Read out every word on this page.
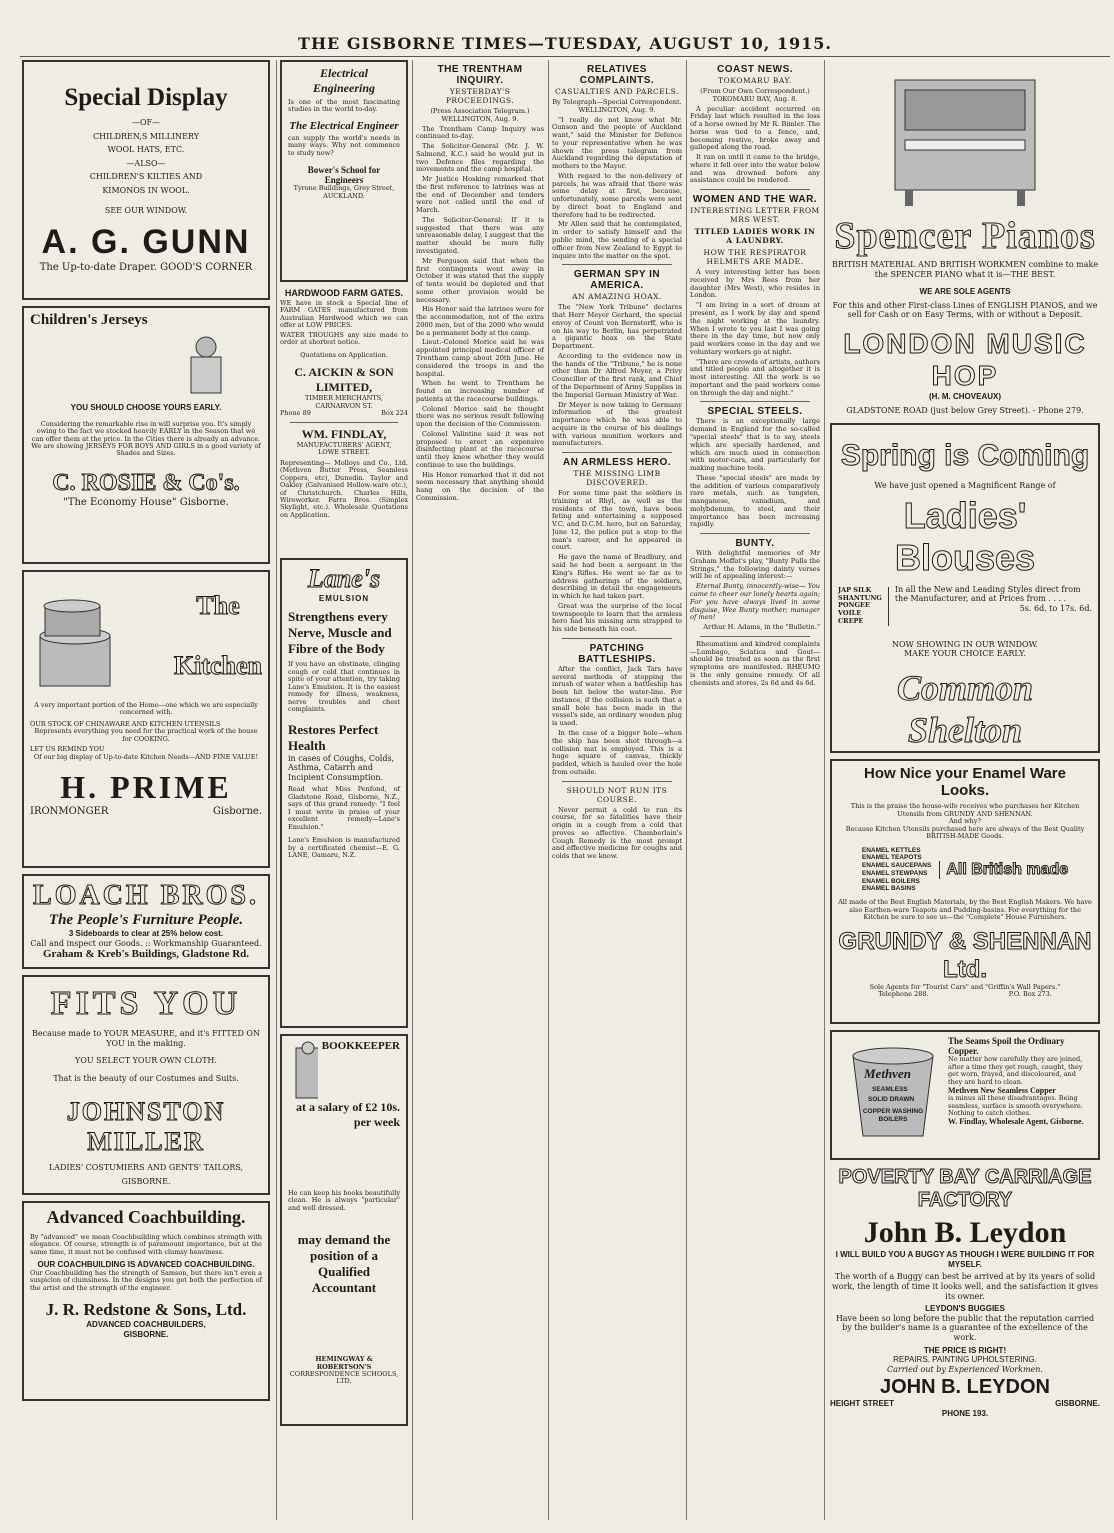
THE GISBORNE TIMES—TUESDAY, AUGUST 10, 1915.
Special Display
—OF—
CHILDREN,S MILLINERY
WOOL HATS, ETC.
—ALSO—
CHILDREN'S KILTIES AND
KIMONOS IN WOOL.
SEE OUR WINDOW.
A. G. GUNN
The Up-to-date Draper. GOOD'S CORNER
Children's Jerseys
YOU SHOULD CHOOSE YOURS EARLY.
Considering the remarkable rise in will surprise you. It's simply owing to the fact we stocked heavily EARLY in the Season that we can offer them at the price. In the Cities there is already an advance. We are showing JERSEYS FOR BOYS AND GIRLS in a good variety of Shades and Sizes.
C. ROSIE & Co's.
"The Economy House" Gisborne.
The
Kitchen
A very important portion of the Home—one which we are especially concerned with.
OUR STOCK OF CHINAWARE AND KITCHEN UTENSILS
Represents everything you need for the practical work of the house for COOKING.
LET US REMIND YOU
Of our big display of Up-to-date Kitchen Needs—AND FINE VALUE!
H. PRIME
IRONMONGER	Gisborne.
LOACH BROS.
The People's Furniture People.
3 Sideboards to clear at 25% below cost.
Call and inspect our Goods. :: Workmanship Guaranteed.
Graham & Kreb's Buildings, Gladstone Rd.
FITS YOU
Because made to YOUR MEASURE, and it's FITTED ON YOU in the making.
YOU SELECT YOUR OWN CLOTH.
That is the beauty of our Costumes and Suits.
JOHNSTON MILLER
LADIES' COSTUMIERS AND GENTS' TAILORS,
GISBORNE.
Advanced Coachbuilding.
By "advanced" we mean Coachbuilding which combines strength with elegance. Of course, strength is of paramount importance, but at the same time, it must not be confused with clumsy heaviness.
OUR COACHBUILDING IS ADVANCED COACHBUILDING.
Our Coachbuilding has the strength of Samson, but there isn't even a suspicion of clumsiness. In the designs you get both the perfection of the artist and the strength of the engineer.
J. R. Redstone & Sons, Ltd.
ADVANCED COACHBUILDERS,
GISBORNE.
Electrical Engineering
Is one of the most fascinating studies in the world to-day.
The Electrical Engineer
can supply the world's needs in many ways. Why not commence to study now?
Bower's School for Engineers
Tyrone Buildings, Grey Street, AUCKLAND.
HARDWOOD FARM GATES.
WE have in stock a Special line of FARM GATES manufactured from Australian Hardwood which we can offer at LOW PRICES.
WATER TROUGHS any size made to order at shortest notice.
Quotations on Application.
C. AICKIN & SON LIMITED,
TIMBER MERCHANTS,
CARNARVON ST.
Phone 89	Box 224
WM. FINDLAY,
MANUFACTURERS' AGENT,
LOWE STREET.
Representing— Molloys and Co., Ltd. (Methven Butter Press, Seamless Coppers, etc), Dunedin. Taylor and Oakley (Galvanised Hollow-ware etc.), of Christchurch. Charles Hills, Wireworker. Farra Bros. (Simplex Skylight, etc.). Wholesale Quotations on Application.
Lane's
EMULSION
Strengthens every Nerve, Muscle and Fibre of the Body
If you have an obstinate, clinging cough or cold that continues in spite of your attention, try taking Lane's Emulsion. It is the easiest remedy for illness, weakness, nerve troubles and chest complaints.
Restores Perfect Health
in cases of Coughs, Colds, Asthma, Catarrh and Incipient Consumption.
Read what Miss Penfond, of Gladstone Road, Gisborne, N.Z., says of this grand remedy: "I feel I must write in praise of your excellent remedy—Lane's Emulsion."
Lane's Emulsion is manufactured by a certificated chemist—E. G. LANE, Oamaru, N.Z.
BOOKKEEPER
at a salary of £2 10s. per week
He can keep his books beautifully clean. He is always "particular" and well dressed.
may demand the position of a Qualified Accountant
HEMINGWAY & ROBERTSON'S
CORRESPONDENCE SCHOOLS, LTD.
THE TRENTHAM INQUIRY.
YESTERDAY'S PROCEEDINGS.

(Press Association Telegram.) WELLINGTON, Aug. 9.

The Trentham Camp Inquiry was continued to-day.

The Solicitor-General (Mr. J. W. Salmond, K.C.) said he would put in two Defence files regarding the movements and the camp hospital.

Mr Justice Hosking remarked that the first reference to latrines was at the end of December and tenders were not called until the end of March.

The Solicitor-General: If it is suggested that there was any unreasonable delay, I suggest that the matter should be more fully investigated.

Mr Ferguson said that when the first contingents went away in October it was stated that the supply of tents would be depleted and that some other provision would be necessary.

His Honor said the latrines were for the accommodation, not of the extra 2000 men, but of the 2000 who would be a permanent body at the camp.

Lieut.-Colonel Morice said he was appointed principal medical officer of Trentham camp about 20th June. He considered the troops in and the hospital.

When he went to Trentham he found an increasing number of patients at the racecourse buildings.

Colonel Morice said he thought there was no serious result following upon the decision of the Commission.

Colonel Valintine said it was not proposed to erect an expensive disinfecting plant at the racecourse until they knew whether they would continue to use the buildings.

His Honor remarked that it did not seem necessary that anything should hang on the decision of the Commission.

RELATIVES COMPLAINTS.
CASUALTIES AND PARCELS.

By Telegraph—Special Correspondent. WELLINGTON, Aug. 9.

"I really do not know what Mr. Gunson and the people of Auckland want," said the Minister for Defence to your representative when he was shown the press telegram from Auckland regarding the deputation of mothers to the Mayor.

With regard to the non-delivery of parcels, he was afraid that there was some delay at first, because, unfortunately, some parcels were sent by direct boat to England and therefore had to be redirected.

Mr Allen said that he contemplated, in order to satisfy himself and the public mind, the sending of a special officer from New Zealand to Egypt to inquire into the matter on the spot.

GERMAN SPY IN AMERICA.
AN AMAZING HOAX.

The "New York Tribune" declares that Herr Meyer Gerhard, the special envoy of Count von Bernstorff, who is on his way to Berlin, has perpetrated a gigantic hoax on the State Department.

According to the evidence now in the hands of the "Tribune," he is none other than Dr Alfred Meyer, a Privy Councillor of the first rank, and Chief of the Department of Army Supplies in the Imperial German Ministry of War.

Dr Meyer is now taking to Germany information of the greatest importance which he was able to acquire in the course of his dealings with various munition workers and manufacturers.

AN ARMLESS HERO.
THE MISSING LIMB DISCOVERED.

For some time past the soldiers in training at Rhyl, as well as the residents of the town, have been feting and entertaining a supposed V.C. and D.C.M. hero, but on Saturday, June 12, the police put a stop to the man's career, and he appeared in court.

He gave the name of Bradbury, and said he had been a sergeant in the King's Rifles. He went so far as to address gatherings of the soldiers, describing in detail the engagements in which he had taken part.

Great was the surprise of the local townspeople to learn that the armless hero had his missing arm strapped to his side beneath his coat.

PATCHING BATTLESHIPS.

After the conflict, Jack Tars have several methods of stopping the inrush of water when a battleship has been hit below the water-line. For instance, if the collision is such that a small hole has been made in the vessel's side, an ordinary wooden plug is used.

In the case of a bigger hole—when the ship has been shot through—a collision mat is employed. This is a huge square of canvas, thickly padded, which is hauled over the hole from outside.

SHOULD NOT RUN ITS COURSE.

Never permit a cold to run its course, for so fatalities have their origin in a cough from a cold that proves so affective. Chamberlain's Cough Remedy is the most prompt and effective medicine for coughs and colds that we know.

COAST NEWS.
TOKOMARU BAY.

(From Our Own Correspondent.) TOKOMARU BAY, Aug. 8.

A peculiar accident occurred on Friday last which resulted in the loss of a horse owned by Mr R. Bimler. The horse was tied to a fence, and, becoming restive, broke away and galloped along the road.

It ran on until it came to the bridge, where it fell over into the water below and was drowned before any assistance could be rendered.

WOMEN AND THE WAR.
INTERESTING LETTER FROM MRS WEST.
TITLED LADIES WORK IN A LAUNDRY.
HOW THE RESPIRATOR HELMETS ARE MADE.

A very interesting letter has been received by Mrs Rees from her daughter (Mrs West), who resides in London.

"I am living in a sort of dream at present, as I work by day and spend the night working at the laundry. When I wrote to you last I was going there in the day time, but now only paid workers come in the day and we voluntary workers go at night.

"There are crowds of artists, authors and titled people and altogether it is most interesting. All the work is so important and the paid workers come on through the day and night."

SPECIAL STEELS.

There is an exceptionally large demand in England for the so-called "special steels" that is to say, steels which are specially hardened, and which are much used in connection with motor-cars, and particularly for making machine tools.

These "special steels" are made by the addition of various comparatively rare metals, such as tungsten, manganese, vanadium, and molybdenum, to steel, and their importance has been increasing rapidly.

BUNTY.

With delightful memories of Mr Graham Moffat's play, "Bunty Pulls the Strings," the following dainty verses will be of appealing interest:—

Eternal Bunty, innocently-wise— You came to cheer our lonely hearts again; For you have always lived in some disguise, Wee Bunty mother; manager of men!

Arthur H. Adams, in the "Bulletin."

Rheumatism and kindred complaints—Lumbago, Sciatica and Gout—should be treated as soon as the first symptoms are manifested. RHEUMO is the only genuine remedy. Of all chemists and stores, 2s 6d and 4s 6d.

Spencer Pianos
BRITISH MATERIAL AND BRITISH WORKMEN combine to make the SPENCER PIANO what it is—THE BEST.
WE ARE SOLE AGENTS
For this and other First-class Lines of ENGLISH PIANOS, and we sell for Cash or on Easy Terms, with or without a Deposit.
LONDON MUSIC HOP
(H. M. CHOVEAUX)
GLADSTONE ROAD (just below Grey Street). - Phone 279.
Spring is Coming
We have just opened a Magnificent Range of
Ladies' Blouses
JAP SILK
SHANTUNG
PONGEE
VOILE
CREPE
In all the New and Leading Styles direct from the Manufacturer, and at Prices from . . . .
5s. 6d. to 17s. 6d.
NOW SHOWING IN OUR WINDOW.
MAKE YOUR CHOICE EARLY.
Common Shelton
How Nice your Enamel Ware Looks.
This is the praise the house-wife receives who purchases her Kitchen Utensils from GRUNDY AND SHENNAN.
And why?
Because Kitchen Utensils purchased here are always of the Best Quality BRITISH-MADE Goods.
ENAMEL KETTLES
ENAMEL TEAPOTS
ENAMEL SAUCEPANS
ENAMEL STEWPANS
ENAMEL BOILERS
ENAMEL BASINS
All British made
All made of the Best English Materials, by the Best English Makers. We have also Earthen-ware Teapots and Pudding-basins. For everything for the Kitchen be sure to see us—the "Complete" House Furnishers.
GRUNDY & SHENNAN Ltd.
Sole Agents for "Tourist Cars" and "Griffin's Wall Papers."
Telephone 288.	P.O. Box 273.
Methven
SEAMLESS
SOLID DRAWN
COPPER WASHING BOILERS
The Seams Spoil the Ordinary Copper.
No matter how carefully they are joined, after a time they get rough, caught, they get worn, frayed, and discoloured, and they are hard to clean.
Methven New Seamless Copper
is minus all these disadvantages. Being seamless, surface is smooth everywhere. Nothing to catch clothes.
W. Findlay, Wholesale Agent, Gisborne.
POVERTY BAY CARRIAGE FACTORY
John B. Leydon
I WILL BUILD YOU A BUGGY AS THOUGH I WERE BUILDING IT FOR MYSELF.
The worth of a Buggy can best be arrived at by its years of solid work, the length of time it looks well, and the satisfaction it gives its owner.
LEYDON'S BUGGIES
Have been so long before the public that the reputation carried by the builder's name is a guarantee of the excellence of the work.
THE PRICE IS RIGHT!
REPAIRS. PAINTING UPHOLSTERING.
Carried out by Experienced Workmen.
JOHN B. LEYDON
HEIGHT STREET	GISBORNE.
PHONE 193.
